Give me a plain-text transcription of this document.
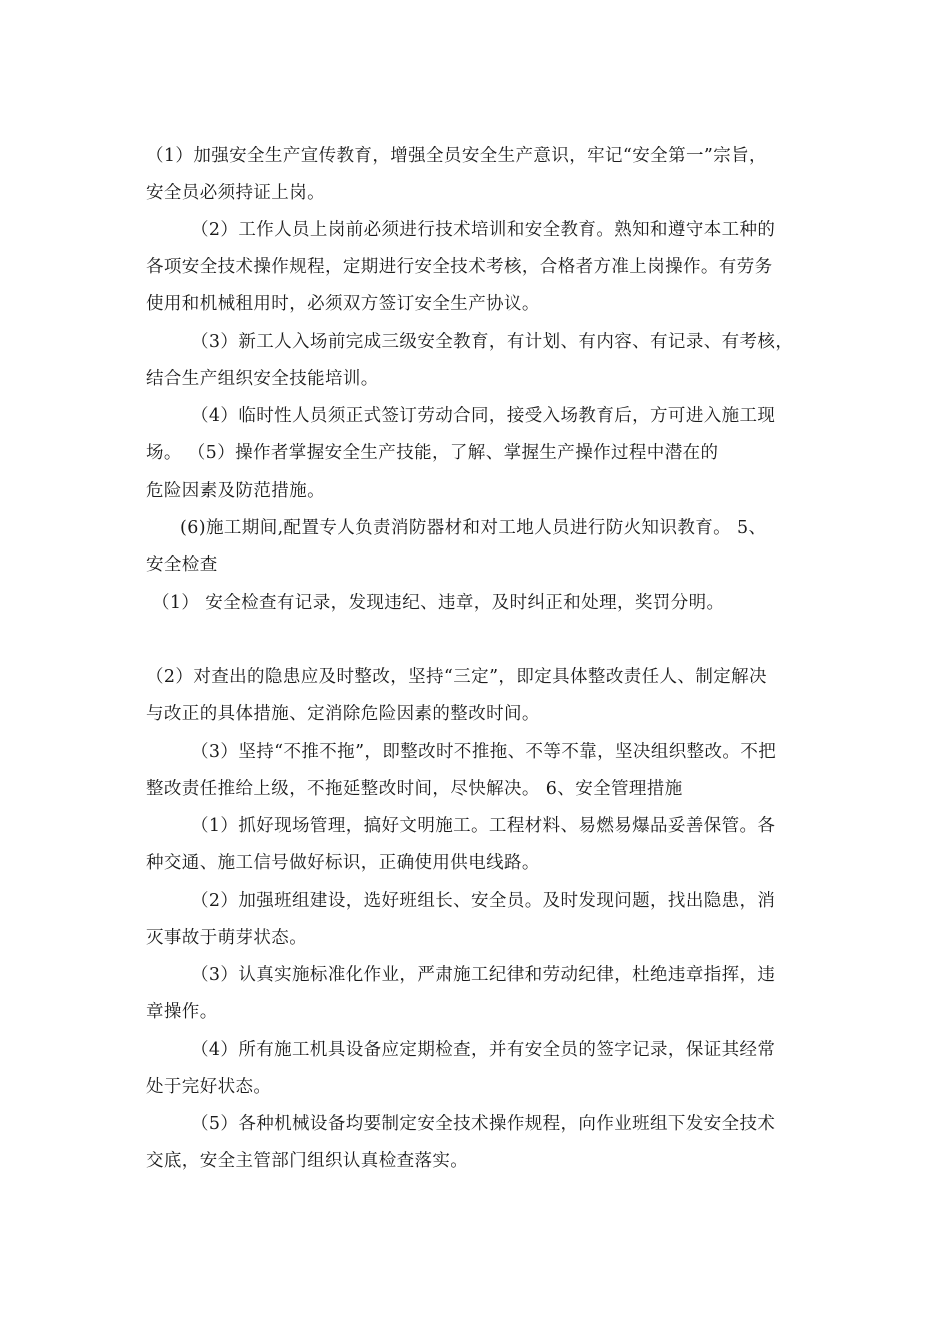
（1）加强安全生产宣传教育，增强全员安全生产意识，牢记“安全第一”宗旨，
安全员必须持证上岗。
（2）工作人员上岗前必须进行技术培训和安全教育。熟知和遵守本工种的
各项安全技术操作规程，定期进行安全技术考核，合格者方准上岗操作。有劳务
使用和机械租用时，必须双方签订安全生产协议。
（3）新工人入场前完成三级安全教育，有计划、有内容、有记录、有考核，
结合生产组织安全技能培训。
（4）临时性人员须正式签订劳动合同，接受入场教育后，方可进入施工现
场。 （5）操作者掌握安全生产技能，了解、掌握生产操作过程中潜在的
危险因素及防范措施。
(6)施工期间,配置专人负责消防器材和对工地人员进行防火知识教育。 5、
安全检查
（1） 安全检查有记录，发现违纪、违章，及时纠正和处理，奖罚分明。
（2）对查出的隐患应及时整改，坚持“三定”，即定具体整改责任人、制定解决
与改正的具体措施、定消除危险因素的整改时间。
（3）坚持“不推不拖”，即整改时不推拖、不等不靠，坚决组织整改。不把
整改责任推给上级，不拖延整改时间，尽快解决。 6、安全管理措施
（1）抓好现场管理，搞好文明施工。工程材料、易燃易爆品妥善保管。各
种交通、施工信号做好标识，正确使用供电线路。
（2）加强班组建设，选好班组长、安全员。及时发现问题，找出隐患，消
灭事故于萌芽状态。
（3）认真实施标准化作业，严肃施工纪律和劳动纪律，杜绝违章指挥，违
章操作。
（4）所有施工机具设备应定期检查，并有安全员的签字记录，保证其经常
处于完好状态。
（5）各种机械设备均要制定安全技术操作规程，向作业班组下发安全技术
交底，安全主管部门组织认真检查落实。
